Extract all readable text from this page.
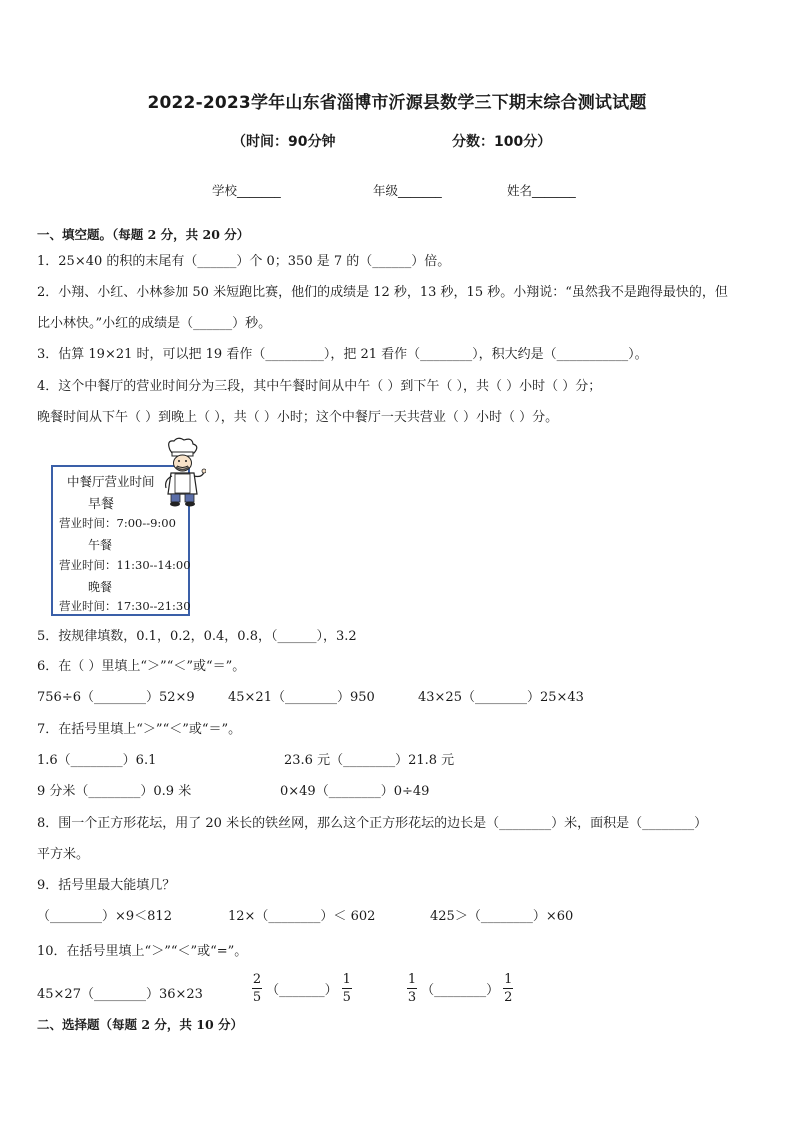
2022-2023学年山东省淄博市沂源县数学三下期末综合测试试题
（时间：90分钟	分数：100分）
学校_______	年级_______	姓名_______
一、填空题。（每题 2 分，共 20 分）
1．25×40 的积的末尾有（______）个 0；350 是 7 的（______）倍。
2．小翔、小红、小林参加 50 米短跑比赛，他们的成绩是 12 秒，13 秒，15 秒。小翔说：“虽然我不是跑得最快的，但
比小林快。”小红的成绩是（______）秒。
3．估算 19×21 时，可以把 19 看作（_________），把 21 看作（________），积大约是（___________）。
4．这个中餐厅的营业时间分为三段，其中午餐时间从中午（ ）到下午（ ），共（ ）小时（ ）分；
晚餐时间从下午（ ）到晚上（ ），共（ ）小时；这个中餐厅一天共营业（ ）小时（ ）分。
中餐厅营业时间
早餐
营业时间：7:00--9:00
午餐
营业时间：11:30--14:00
晚餐
营业时间：17:30--21:30
5．按规律填数，0.1，0.2，0.4，0.8，（______），3.2
6．在（ ）里填上“＞”“＜”或“＝”。
756÷6（________）52×9	45×21（________）950	43×25（________）25×43
7．在括号里填上“＞”“＜”或“＝”。
1.6（________）6.1	23.6 元（________）21.8 元
9 分米（________）0.9 米	0×49（________）0÷49
8．围一个正方形花坛，用了 20 米长的铁丝网，那么这个正方形花坛的边长是（________）米，面积是（________）
平方米。
9．括号里最大能填几？
（________）×9＜812	12×（________）＜ 602	425＞（________）×60
10．在括号里填上“＞”“＜”或“=”。
45×27（________）36×23	$\frac{2}{5}$ （_______） $\frac{1}{5}$	$\frac{1}{3}$ （________） $\frac{1}{2}$
二、选择题（每题 2 分，共 10 分）
